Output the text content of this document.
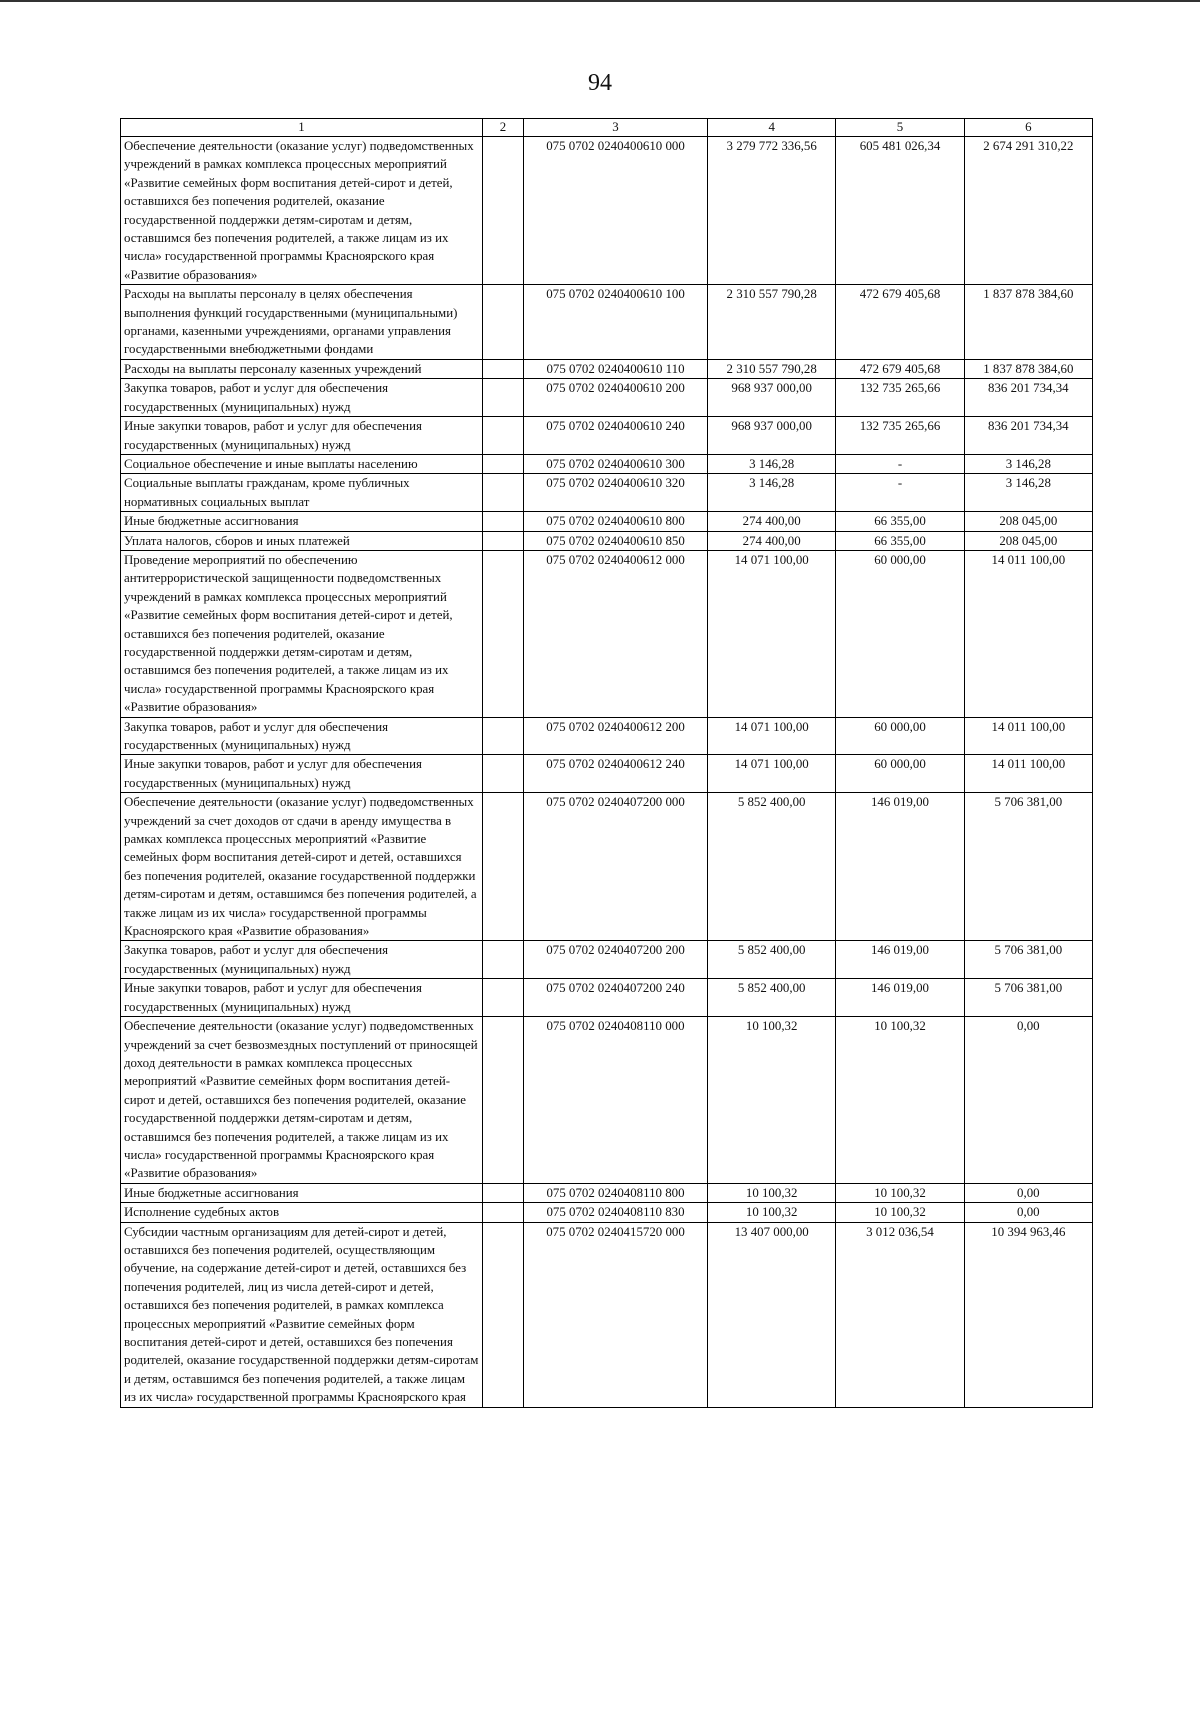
94
1	2	3	4	5	6
Обеспечение деятельности (оказание услуг) подведомственных учреждений в рамках комплекса процессных мероприятий «Развитие семейных форм воспитания детей-сирот и детей, оставшихся без попечения родителей, оказание государственной поддержки детям-сиротам и детям, оставшимся без попечения родителей, а также лицам из их числа» государственной программы Красноярского края «Развитие образования»		075 0702 0240400610 000	3 279 772 336,56	605 481 026,34	2 674 291 310,22
Расходы на выплаты персоналу в целях обеспечения выполнения функций государственными (муниципальными) органами, казенными учреждениями, органами управления государственными внебюджетными фондами		075 0702 0240400610 100	2 310 557 790,28	472 679 405,68	1 837 878 384,60
Расходы на выплаты персоналу казенных учреждений		075 0702 0240400610 110	2 310 557 790,28	472 679 405,68	1 837 878 384,60
Закупка товаров, работ и услуг для обеспечения государственных (муниципальных) нужд		075 0702 0240400610 200	968 937 000,00	132 735 265,66	836 201 734,34
Иные закупки товаров, работ и услуг для обеспечения государственных (муниципальных) нужд		075 0702 0240400610 240	968 937 000,00	132 735 265,66	836 201 734,34
Социальное обеспечение и иные выплаты населению		075 0702 0240400610 300	3 146,28	-	3 146,28
Социальные выплаты гражданам, кроме публичных нормативных социальных выплат		075 0702 0240400610 320	3 146,28	-	3 146,28
Иные бюджетные ассигнования		075 0702 0240400610 800	274 400,00	66 355,00	208 045,00
Уплата налогов, сборов и иных платежей		075 0702 0240400610 850	274 400,00	66 355,00	208 045,00
Проведение мероприятий по обеспечению антитеррористической защищенности подведомственных учреждений в рамках комплекса процессных мероприятий «Развитие семейных форм воспитания детей-сирот и детей, оставшихся без попечения родителей, оказание государственной поддержки детям-сиротам и детям, оставшимся без попечения родителей, а также лицам из их числа» государственной программы Красноярского края «Развитие образования»		075 0702 0240400612 000	14 071 100,00	60 000,00	14 011 100,00
Закупка товаров, работ и услуг для обеспечения государственных (муниципальных) нужд		075 0702 0240400612 200	14 071 100,00	60 000,00	14 011 100,00
Иные закупки товаров, работ и услуг для обеспечения государственных (муниципальных) нужд		075 0702 0240400612 240	14 071 100,00	60 000,00	14 011 100,00
Обеспечение деятельности (оказание услуг) подведомственных учреждений за счет доходов от сдачи в аренду имущества в рамках комплекса процессных мероприятий «Развитие семейных форм воспитания детей-сирот и детей, оставшихся без попечения родителей, оказание государственной поддержки детям-сиротам и детям, оставшимся без попечения родителей, а также лицам из их числа» государственной программы Красноярского края «Развитие образования»		075 0702 0240407200 000	5 852 400,00	146 019,00	5 706 381,00
Закупка товаров, работ и услуг для обеспечения государственных (муниципальных) нужд		075 0702 0240407200 200	5 852 400,00	146 019,00	5 706 381,00
Иные закупки товаров, работ и услуг для обеспечения государственных (муниципальных) нужд		075 0702 0240407200 240	5 852 400,00	146 019,00	5 706 381,00
Обеспечение деятельности (оказание услуг) подведомственных учреждений за счет безвозмездных поступлений от приносящей доход деятельности в рамках комплекса процессных мероприятий «Развитие семейных форм воспитания детей-сирот и детей, оставшихся без попечения родителей, оказание государственной поддержки детям-сиротам и детям, оставшимся без попечения родителей, а также лицам из их числа» государственной программы Красноярского края «Развитие образования»		075 0702 0240408110 000	10 100,32	10 100,32	0,00
Иные бюджетные ассигнования		075 0702 0240408110 800	10 100,32	10 100,32	0,00
Исполнение судебных актов		075 0702 0240408110 830	10 100,32	10 100,32	0,00
Субсидии частным организациям для детей-сирот и детей, оставшихся без попечения родителей, осуществляющим обучение, на содержание детей-сирот и детей, оставшихся без попечения родителей, лиц из числа детей-сирот и детей, оставшихся без попечения родителей, в рамках комплекса процессных мероприятий «Развитие семейных форм воспитания детей-сирот и детей, оставшихся без попечения родителей, оказание государственной поддержки детям-сиротам и детям, оставшимся без попечения родителей, а также лицам из их числа» государственной программы Красноярского края		075 0702 0240415720 000	13 407 000,00	3 012 036,54	10 394 963,46
